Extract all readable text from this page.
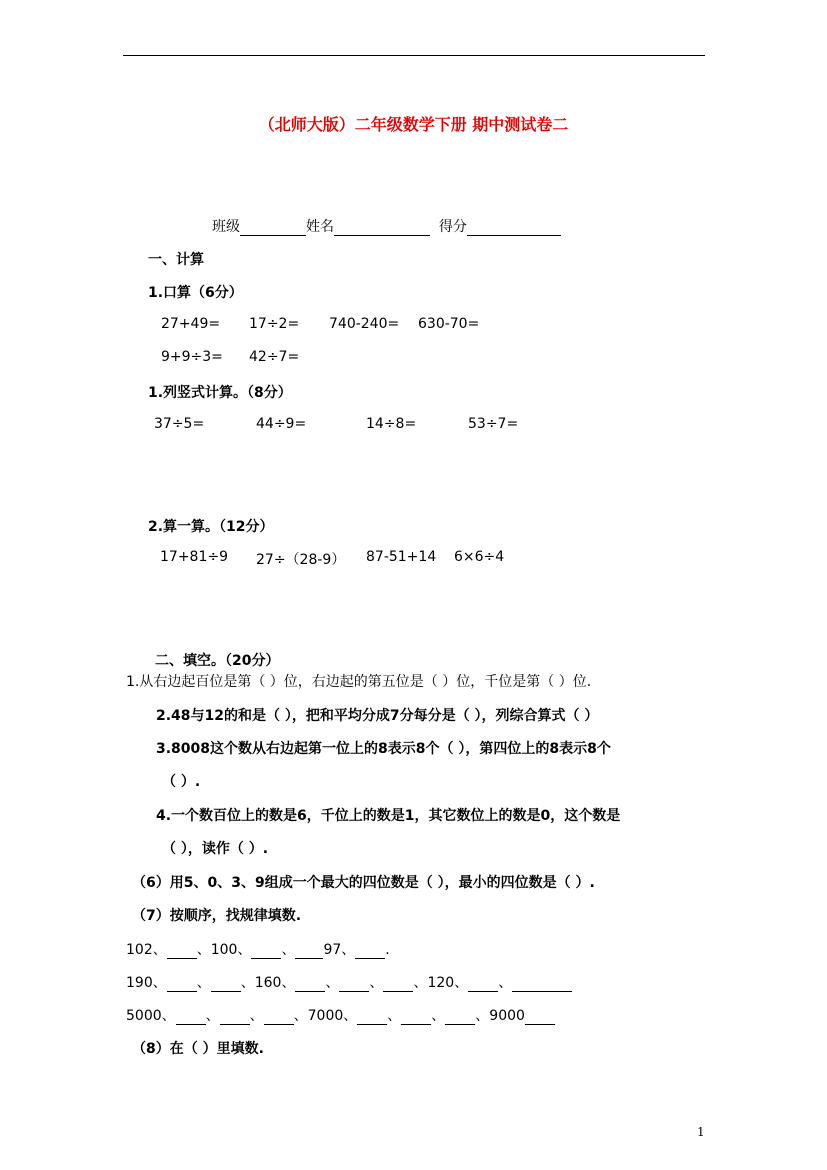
（北师大版）二年级数学下册 期中测试卷二
班级	姓名	得分
一、计算
1.口算（6分）
27+49= 17÷2= 740-240= 630-70=
9+9÷3= 42÷7=
1.列竖式计算。（8分）
37÷5=	44÷9=	14÷8=	53÷7=
2.算一算。（12分）
17+81÷9 27÷（28-9） 87-51+14 6×6÷4
二、填空。（20分）
1.从右边起百位是第（ ）位，右边起的第五位是（ ）位，千位是第（ ）位.
2.48与12的和是（ ），把和平均分成7分每分是（ ），列综合算式（ ）
3.8008这个数从右边起第一位上的8表示8个（ ），第四位上的8表示8个
（ ）.
4.一个数百位上的数是6，千位上的数是1，其它数位上的数是0，这个数是
（ ），读作（ ）.
（6）用5、0、3、9组成一个最大的四位数是（ ），最小的四位数是（ ）.
（7）按顺序，找规律填数.
102、 、100、 、 97、 .
190、 、 、160、 、 、 、120、 、
5000、 、 、 、7000、 、 、 、9000
（8）在（ ）里填数.
1
